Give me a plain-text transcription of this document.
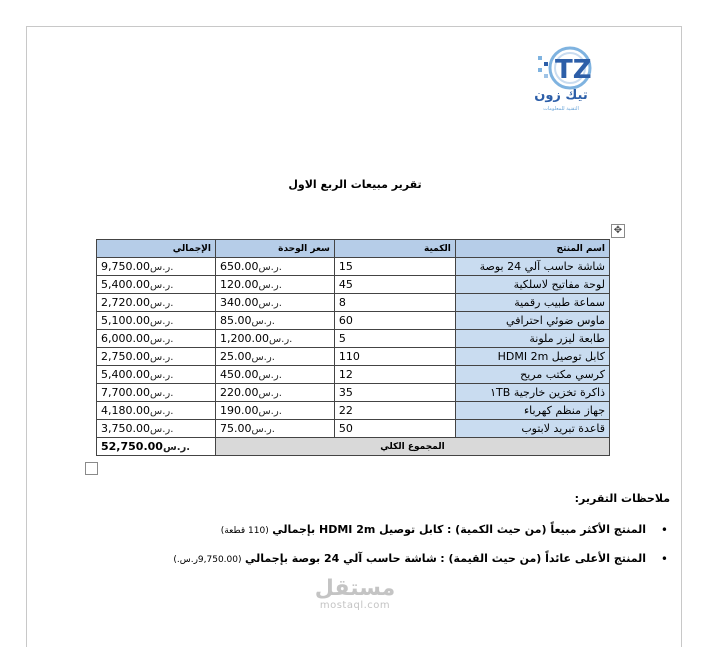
TZ
تيك زون
التقنية للمعلومات
تقرير مبيعات الربع الاول
✥
اسم المنتج	الكمية	سعر الوحدة	الإجمالي
شاشة حاسب آلي 24 بوصة	15	650.00ر.س.	9,750.00ر.س.
لوحة مفاتيح لاسلكية	45	120.00ر.س.	5,400.00ر.س.
سماعة طبيب رقمية	8	340.00ر.س.	2,720.00ر.س.
ماوس ضوئي احترافي	60	85.00ر.س.	5,100.00ر.س.
طابعة ليزر ملونة	5	1,200.00ر.س.	6,000.00ر.س.
كابل توصيل HDMI 2m	110	25.00ر.س.	2,750.00ر.س.
كرسي مكتب مريح	12	450.00ر.س.	5,400.00ر.س.
ذاكرة تخزين خارجية ١TB	35	220.00ر.س.	7,700.00ر.س.
جهاز منظم كهرباء	22	190.00ر.س.	4,180.00ر.س.
قاعدة تبريد لابتوب	50	75.00ر.س.	3,750.00ر.س.
المجموع الكلي			52,750.00ر.س.
ملاحظات التقرير:
•
المنتج الأكثر مبيعاً (من حيث الكمية) : كابل توصيل HDMI 2m بإجمالي (110 قطعة)
•
المنتج الأعلى عائداً (من حيث القيمة) : شاشة حاسب آلي 24 بوصة بإجمالي (9,750.00ر.س.)
مستقل
mostaql.com
